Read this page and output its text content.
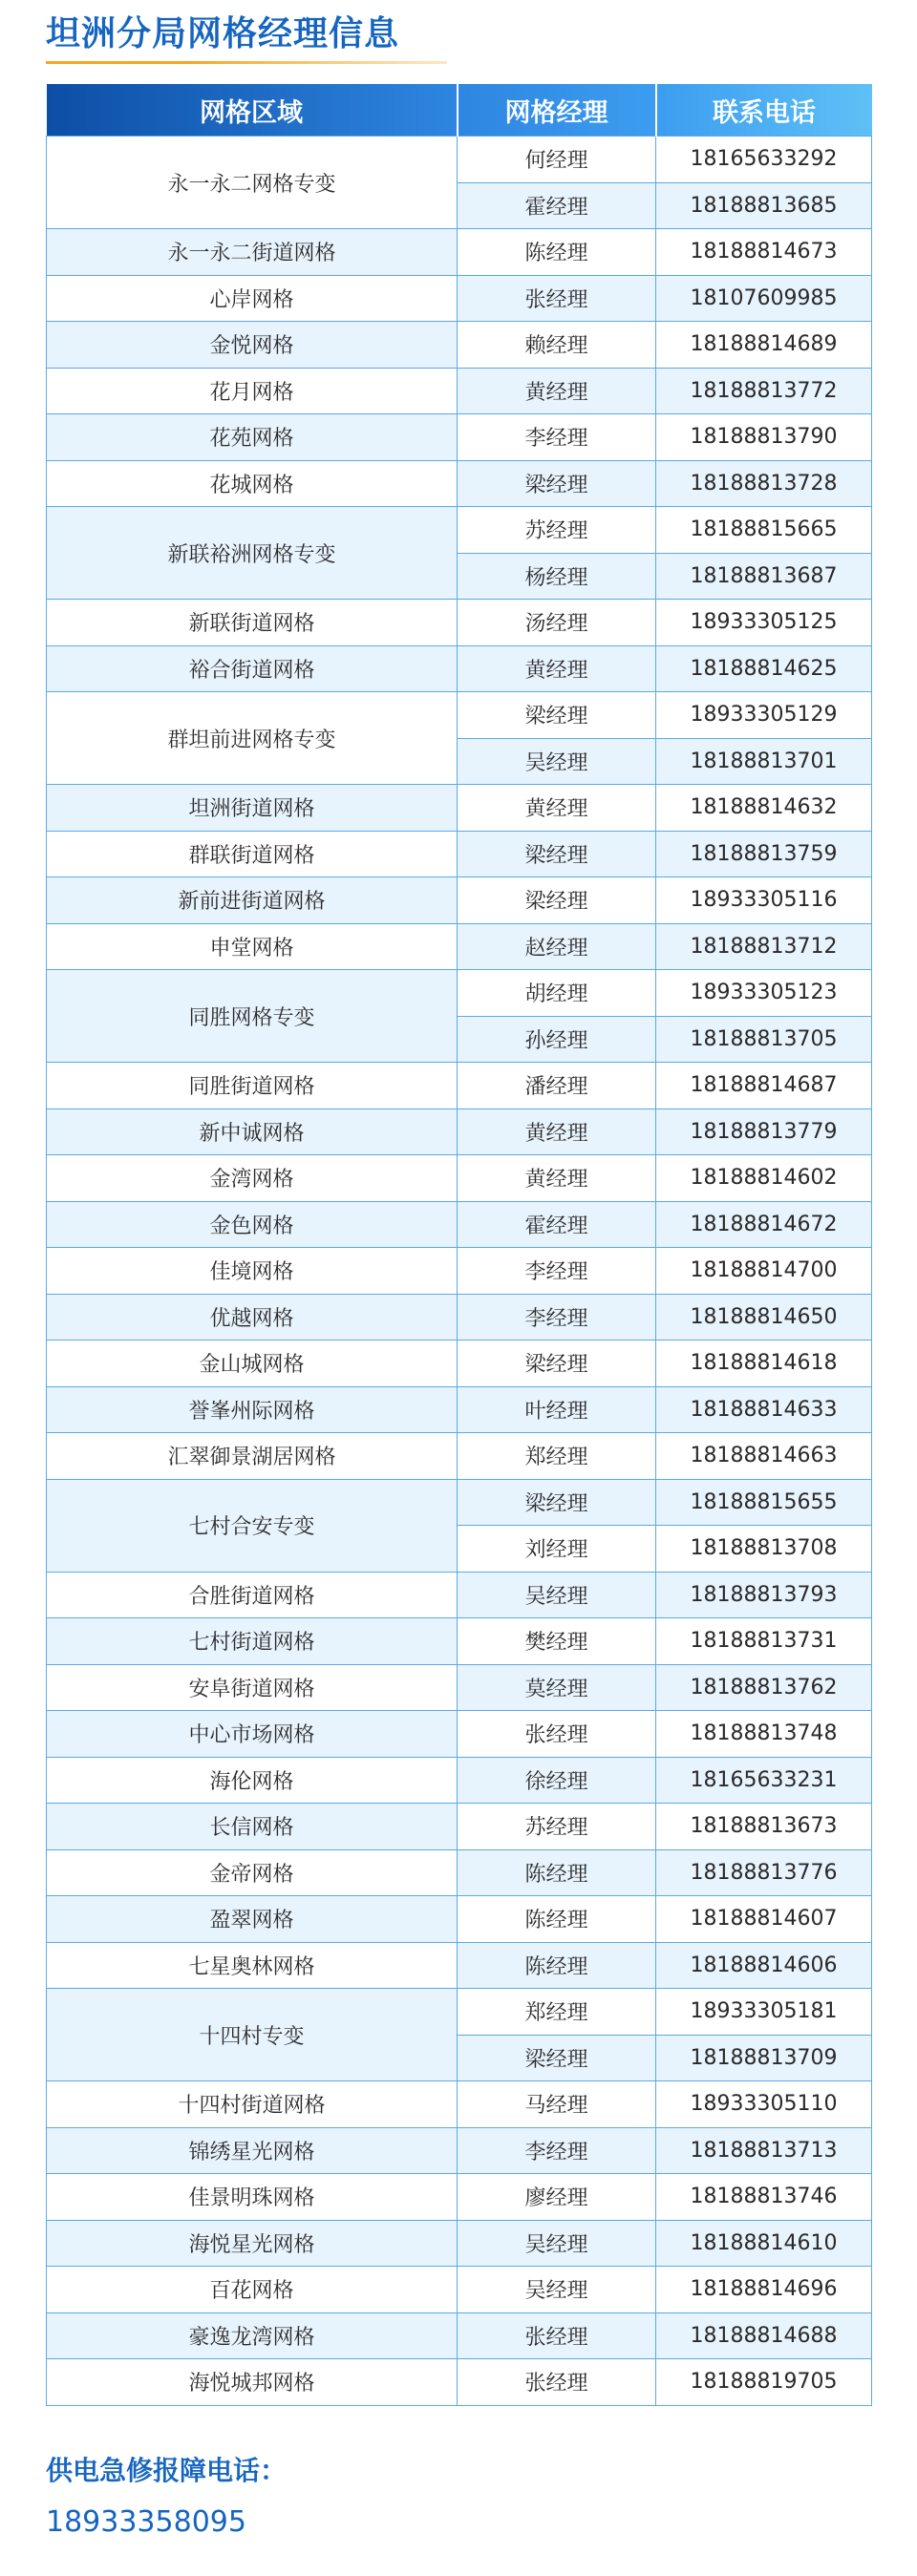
坦洲分局网格经理信息
网格区域	网格经理	联系电话
永一永二网格专变	何经理	18165633292
	霍经理	18188813685
永一永二街道网格	陈经理	18188814673
心岸网格	张经理	18107609985
金悦网格	赖经理	18188814689
花月网格	黄经理	18188813772
花苑网格	李经理	18188813790
花城网格	梁经理	18188813728
新联裕洲网格专变	苏经理	18188815665
	杨经理	18188813687
新联街道网格	汤经理	18933305125
裕合街道网格	黄经理	18188814625
群坦前进网格专变	梁经理	18933305129
	吴经理	18188813701
坦洲街道网格	黄经理	18188814632
群联街道网格	梁经理	18188813759
新前进街道网格	梁经理	18933305116
申堂网格	赵经理	18188813712
同胜网格专变	胡经理	18933305123
	孙经理	18188813705
同胜街道网格	潘经理	18188814687
新中诚网格	黄经理	18188813779
金湾网格	黄经理	18188814602
金色网格	霍经理	18188814672
佳境网格	李经理	18188814700
优越网格	李经理	18188814650
金山城网格	梁经理	18188814618
誉峯州际网格	叶经理	18188814633
汇翠御景湖居网格	郑经理	18188814663
七村合安专变	梁经理	18188815655
	刘经理	18188813708
合胜街道网格	吴经理	18188813793
七村街道网格	樊经理	18188813731
安阜街道网格	莫经理	18188813762
中心市场网格	张经理	18188813748
海伦网格	徐经理	18165633231
长信网格	苏经理	18188813673
金帝网格	陈经理	18188813776
盈翠网格	陈经理	18188814607
七星奥林网格	陈经理	18188814606
十四村专变	郑经理	18933305181
	梁经理	18188813709
十四村街道网格	马经理	18933305110
锦绣星光网格	李经理	18188813713
佳景明珠网格	廖经理	18188813746
海悦星光网格	吴经理	18188814610
百花网格	吴经理	18188814696
豪逸龙湾网格	张经理	18188814688
海悦城邦网格	张经理	18188819705
供电急修报障电话：
18933358095
